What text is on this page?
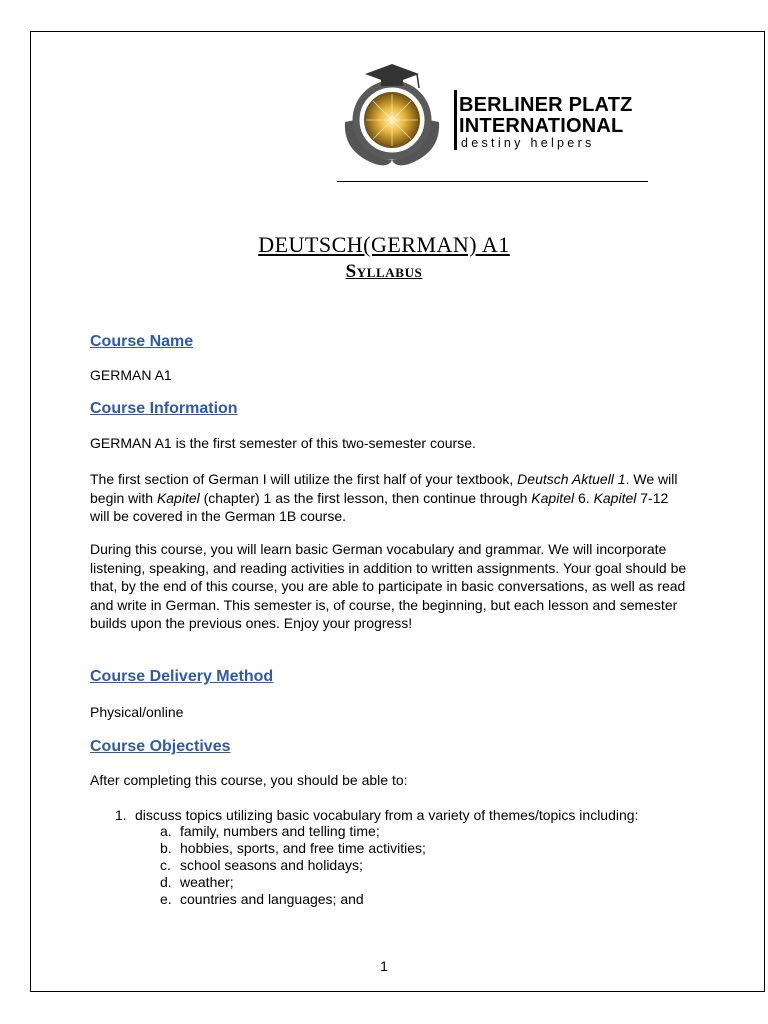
BERLINER PLATZ
INTERNATIONAL
destiny helpers
DEUTSCH(GERMAN) A1
Syllabus
Course Name
GERMAN A1
Course Information
GERMAN A1 is the first semester of this two-semester course.
The first section of German I will utilize the first half of your textbook, Deutsch Aktuell 1. We will begin with Kapitel (chapter) 1 as the first lesson, then continue through Kapitel 6. Kapitel 7-12 will be covered in the German 1B course.
During this course, you will learn basic German vocabulary and grammar. We will incorporate listening, speaking, and reading activities in addition to written assignments. Your goal should be that, by the end of this course, you are able to participate in basic conversations, as well as read and write in German. This semester is, of course, the beginning, but each lesson and semester builds upon the previous ones. Enjoy your progress!
Course Delivery Method
Physical/online
Course Objectives
After completing this course, you should be able to:
1. discuss topics utilizing basic vocabulary from a variety of themes/topics including:
a. family, numbers and telling time;
b. hobbies, sports, and free time activities;
c. school seasons and holidays;
d. weather;
e. countries and languages; and
1
